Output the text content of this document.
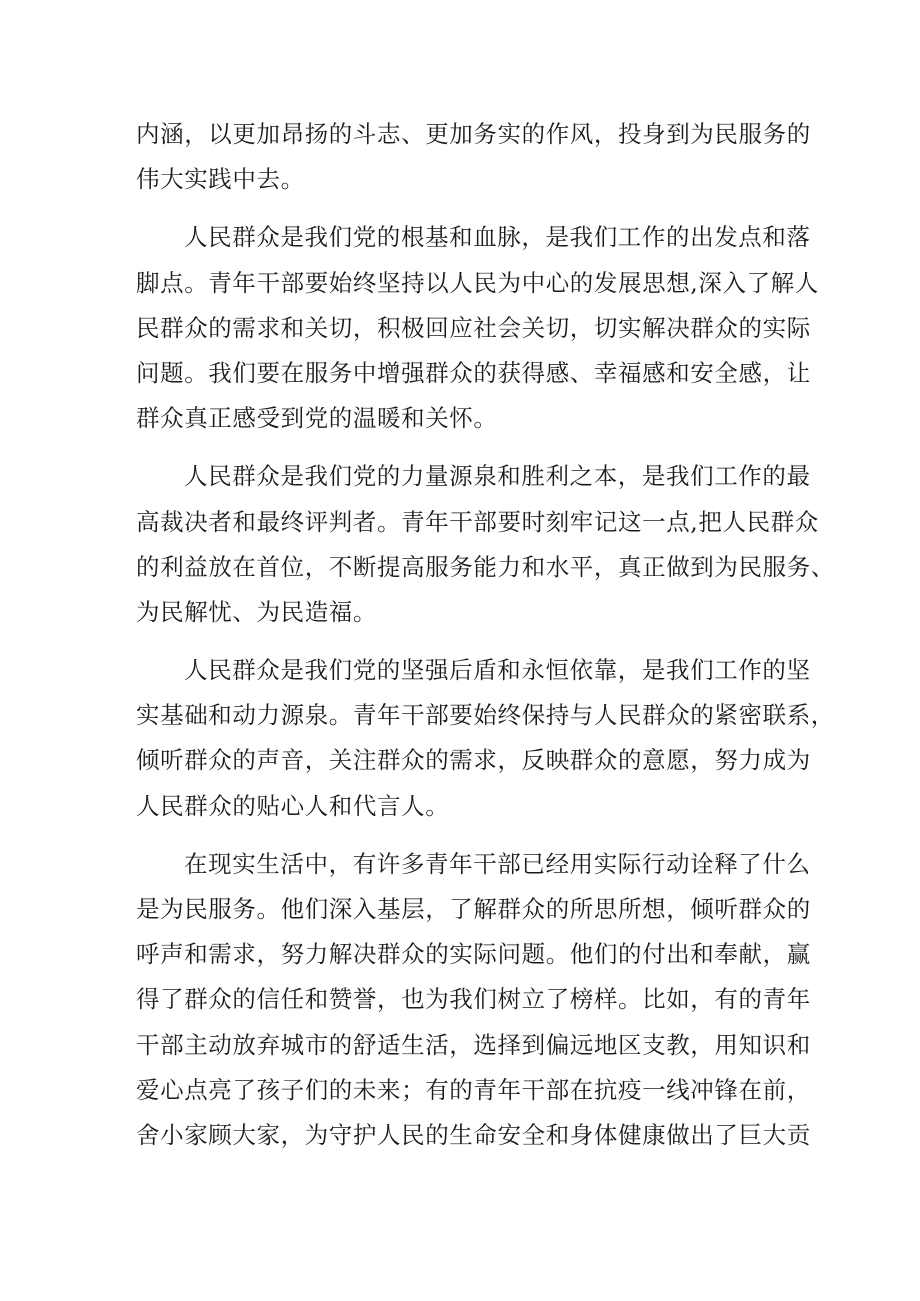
内涵，以更加昂扬的斗志、更加务实的作风，投身到为民服务的
伟大实践中去。
人民群众是我们党的根基和血脉，是我们工作的出发点和落
脚点。青年干部要始终坚持以人民为中心的发展思想,深入了解人
民群众的需求和关切，积极回应社会关切，切实解决群众的实际
问题。我们要在服务中增强群众的获得感、幸福感和安全感，让
群众真正感受到党的温暖和关怀。
人民群众是我们党的力量源泉和胜利之本，是我们工作的最
高裁决者和最终评判者。青年干部要时刻牢记这一点,把人民群众
的利益放在首位，不断提高服务能力和水平，真正做到为民服务、
为民解忧、为民造福。
人民群众是我们党的坚强后盾和永恒依靠，是我们工作的坚
实基础和动力源泉。青年干部要始终保持与人民群众的紧密联系，
倾听群众的声音，关注群众的需求，反映群众的意愿，努力成为
人民群众的贴心人和代言人。
在现实生活中，有许多青年干部已经用实际行动诠释了什么
是为民服务。他们深入基层，了解群众的所思所想，倾听群众的
呼声和需求，努力解决群众的实际问题。他们的付出和奉献，赢
得了群众的信任和赞誉，也为我们树立了榜样。比如，有的青年
干部主动放弃城市的舒适生活，选择到偏远地区支教，用知识和
爱心点亮了孩子们的未来；有的青年干部在抗疫一线冲锋在前，
舍小家顾大家，为守护人民的生命安全和身体健康做出了巨大贡
